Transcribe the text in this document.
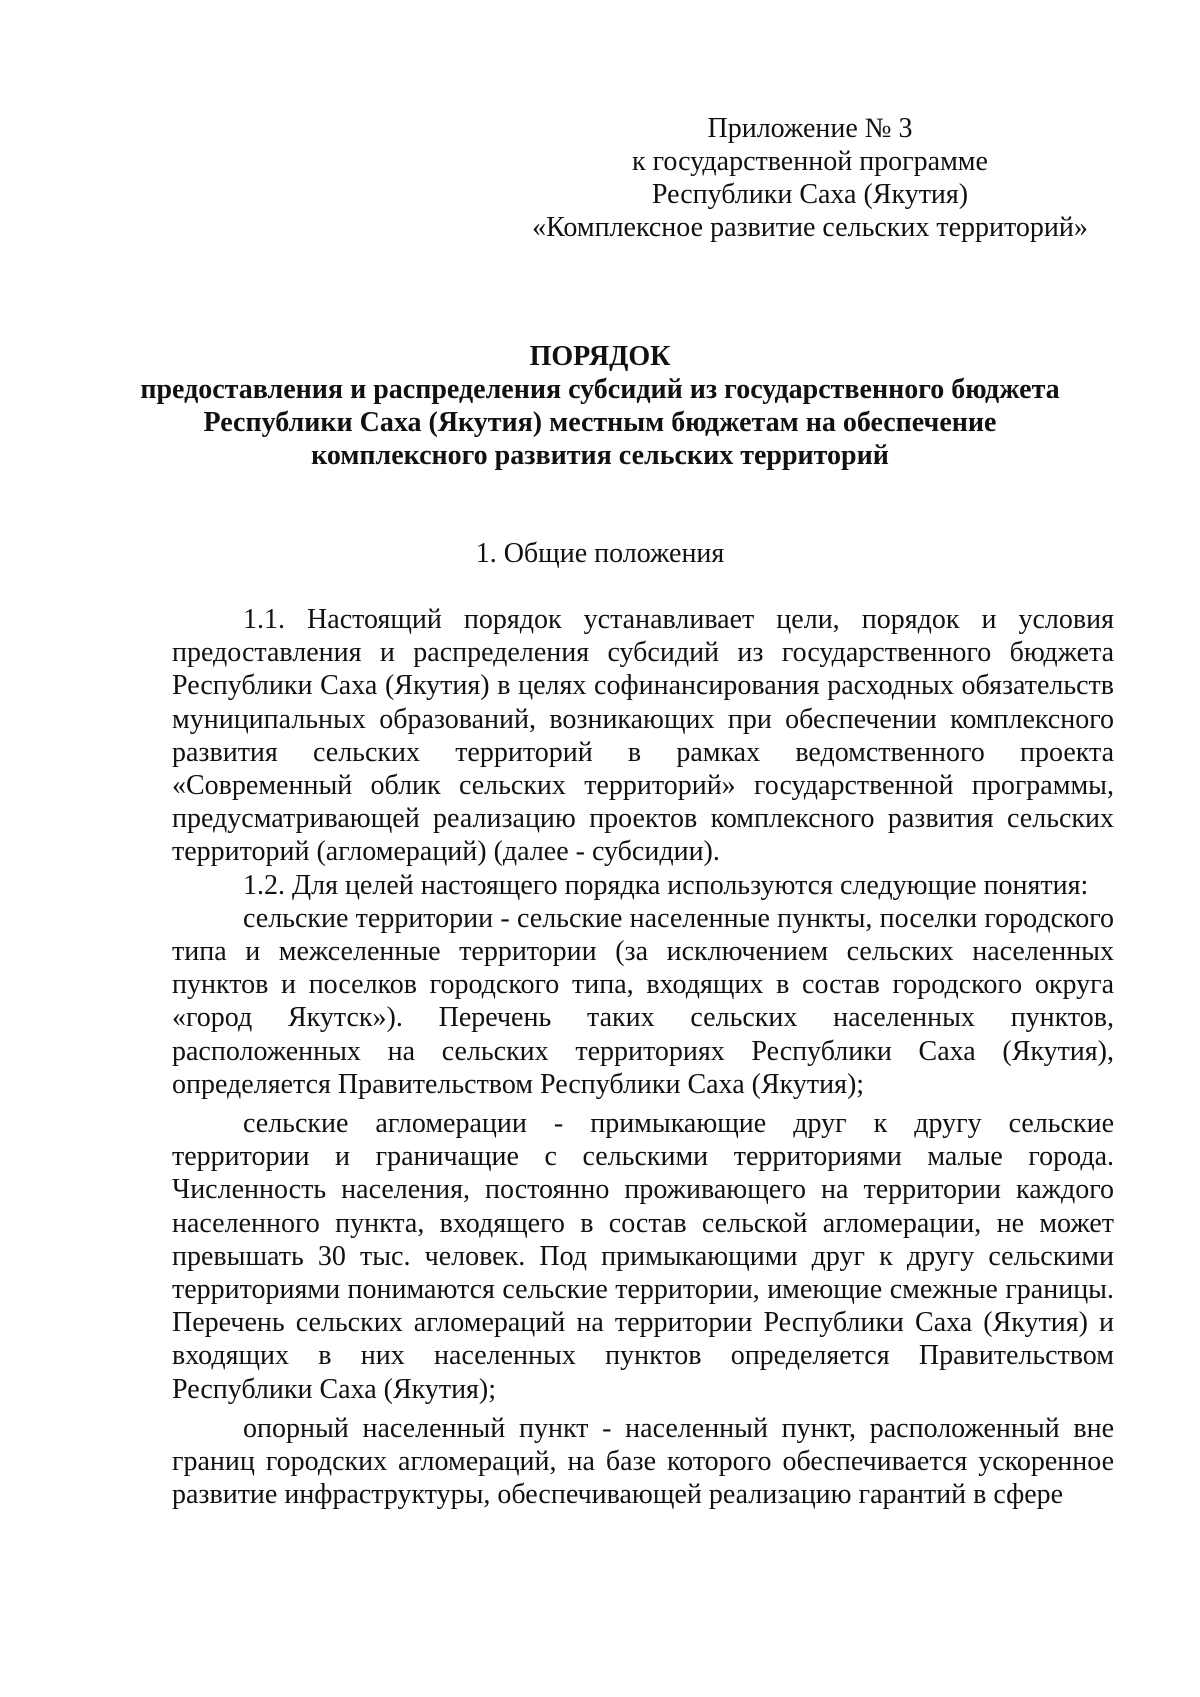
Приложение № 3
к государственной программе
Республики Саха (Якутия)
«Комплексное развитие сельских территорий»
ПОРЯДОК
предоставления и распределения субсидий из государственного бюджета
Республики Саха (Якутия) местным бюджетам на обеспечение
комплексного развития сельских территорий
1. Общие положения

1.1. Настоящий порядок устанавливает цели, порядок и условия предоставления и распределения субсидий из государственного бюджета Республики Саха (Якутия) в целях софинансирования расходных обязательств муниципальных образований, возникающих при обеспечении комплексного развития сельских территорий в рамках ведомственного проекта «Современный облик сельских территорий» государственной программы, предусматривающей реализацию проектов комплексного развития сельских территорий (агломераций) (далее - субсидии).

1.2. Для целей настоящего порядка используются следующие понятия:

сельские территории - сельские населенные пункты, поселки городского типа и межселенные территории (за исключением сельских населенных пунктов и поселков городского типа, входящих в состав городского округа «город Якутск»). Перечень таких сельских населенных пунктов, расположенных на сельских территориях Республики Саха (Якутия), определяется Правительством Республики Саха (Якутия);

сельские агломерации - примыкающие друг к другу сельские территории и граничащие с сельскими территориями малые города. Численность населения, постоянно проживающего на территории каждого населенного пункта, входящего в состав сельской агломерации, не может превышать 30 тыс. человек. Под примыкающими друг к другу сельскими территориями понимаются сельские территории, имеющие смежные границы. Перечень сельских агломераций на территории Республики Саха (Якутия) и входящих в них населенных пунктов определяется Правительством Республики Саха (Якутия);

опорный населенный пункт - населенный пункт, расположенный вне границ городских агломераций, на базе которого обеспечивается ускоренное развитие инфраструктуры, обеспечивающей реализацию гарантий в сфере
